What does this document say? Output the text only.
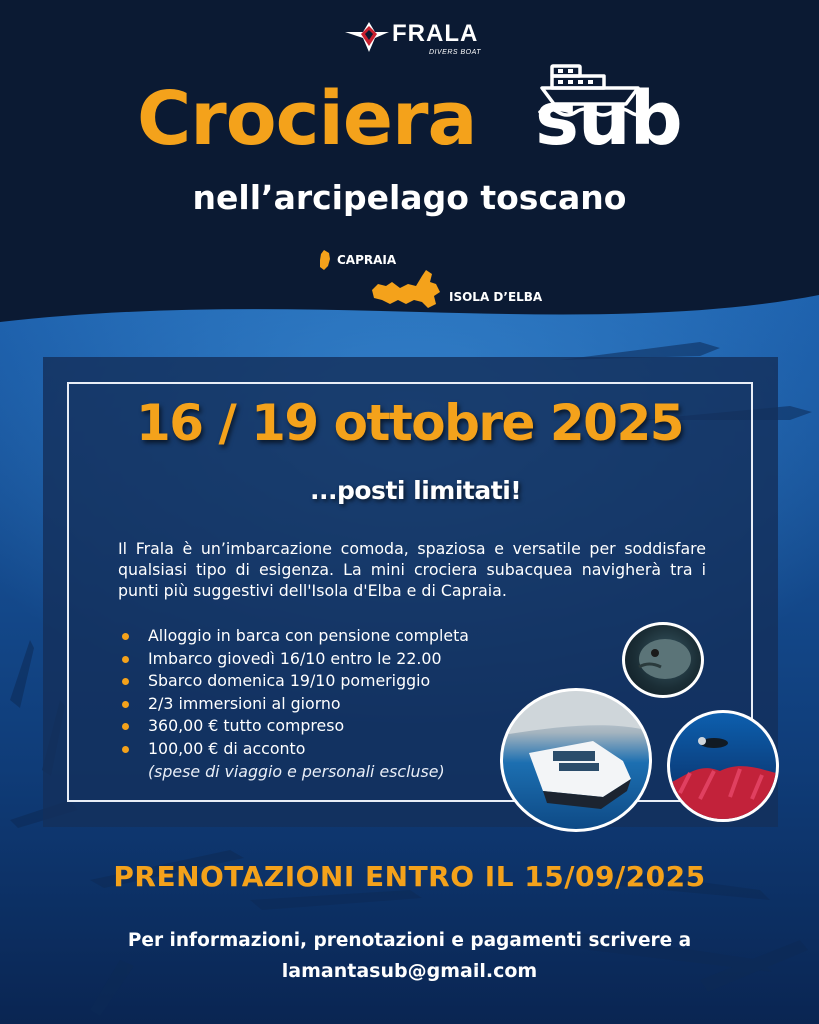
FRALA
DIVERS BOAT
Crociera sub
nell’arcipelago toscano
CAPRAIA
ISOLA D’ELBA
16 / 19 ottobre 2025
...posti limitati!
Il Frala è un’imbarcazione comoda, spaziosa e versatile per soddisfare qualsiasi tipo di esigenza. La mini crociera subacquea navigherà tra i punti più suggestivi dell'Isola d'Elba e di Capraia.
Alloggio in barca con pensione completa
Imbarco giovedì 16/10 entro le 22.00
Sbarco domenica 19/10 pomeriggio
2/3 immersioni al giorno
360,00 € tutto compreso
100,00 € di acconto
(spese di viaggio e personali escluse)
PRENOTAZIONI ENTRO IL 15/09/2025
Per informazioni, prenotazioni e pagamenti scrivere a
lamantasub@gmail.com
